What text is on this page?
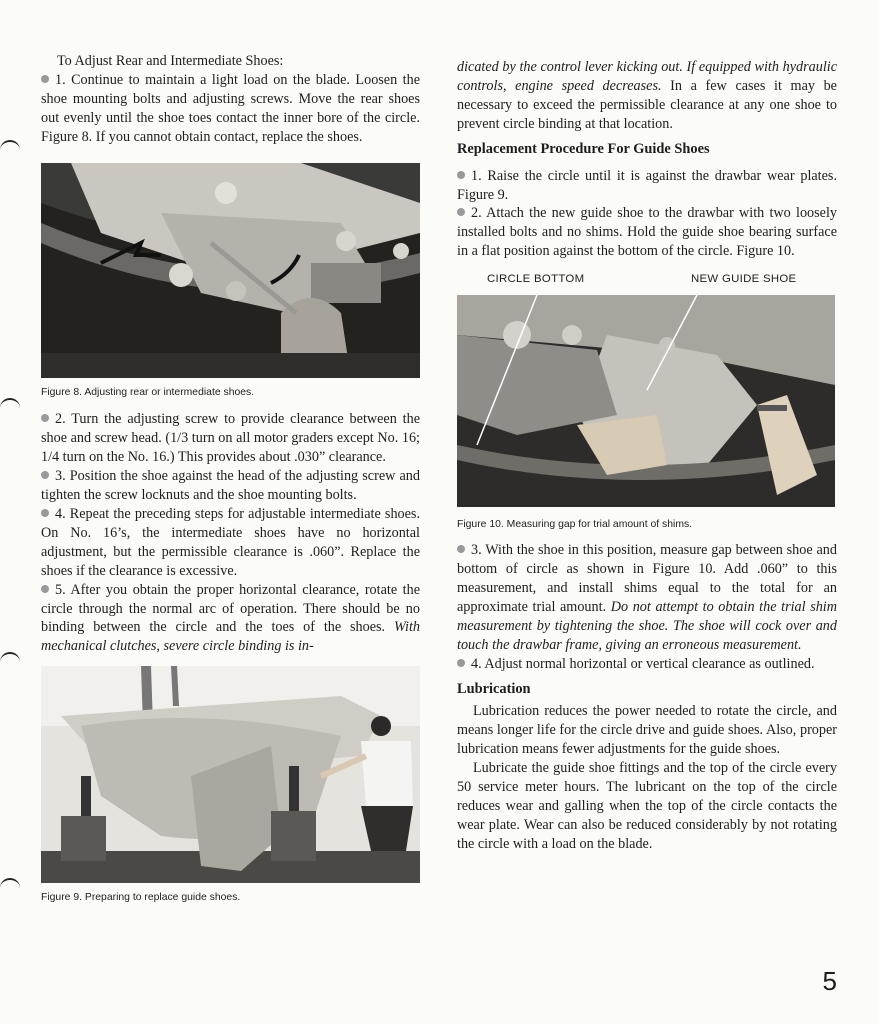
To Adjust Rear and Intermediate Shoes:

1. Continue to maintain a light load on the blade. Loosen the shoe mounting bolts and adjusting screws. Move the rear shoes out evenly until the shoe toes contact the inner bore of the circle. Figure 8. If you cannot obtain contact, replace the shoes.

Figure 8. Adjusting rear or intermediate shoes.

2. Turn the adjusting screw to provide clearance between the shoe and screw head. (1/3 turn on all motor graders except No. 16; 1/4 turn on the No. 16.) This provides about .030” clearance.

3. Position the shoe against the head of the adjusting screw and tighten the screw locknuts and the shoe mounting bolts.

4. Repeat the preceding steps for adjustable intermediate shoes. On No. 16’s, the intermediate shoes have no horizontal adjustment, but the permissible clearance is .060”. Replace the shoes if the clearance is excessive.

5. After you obtain the proper horizontal clearance, rotate the circle through the normal arc of operation. There should be no binding between the circle and the toes of the shoes. With mechanical clutches, severe circle binding is in-

Figure 9. Preparing to replace guide shoes.

dicated by the control lever kicking out. If equipped with hydraulic controls, engine speed decreases. In a few cases it may be necessary to exceed the permissible clearance at any one shoe to prevent circle binding at that location.

Replacement Procedure For Guide Shoes

1. Raise the circle until it is against the drawbar wear plates. Figure 9.

2. Attach the new guide shoe to the drawbar with two loosely installed bolts and no shims. Hold the guide shoe bearing surface in a flat position against the bottom of the circle. Figure 10.

CIRCLE BOTTOM	NEW GUIDE SHOE

Figure 10. Measuring gap for trial amount of shims.

3. With the shoe in this position, measure gap between shoe and bottom of circle as shown in Figure 10. Add .060” to this measurement, and install shims equal to the total for an approximate trial amount. Do not attempt to obtain the trial shim measurement by tightening the shoe. The shoe will cock over and touch the drawbar frame, giving an erroneous measurement.

4. Adjust normal horizontal or vertical clearance as outlined.

Lubrication

Lubrication reduces the power needed to rotate the circle, and means longer life for the circle drive and guide shoes. Also, proper lubrication means fewer adjustments for the guide shoes.

Lubricate the guide shoe fittings and the top of the circle every 50 service meter hours. The lubricant on the top of the circle reduces wear and galling when the top of the circle contacts the wear plate. Wear can also be reduced considerably by not rotating the circle with a load on the blade.

5
